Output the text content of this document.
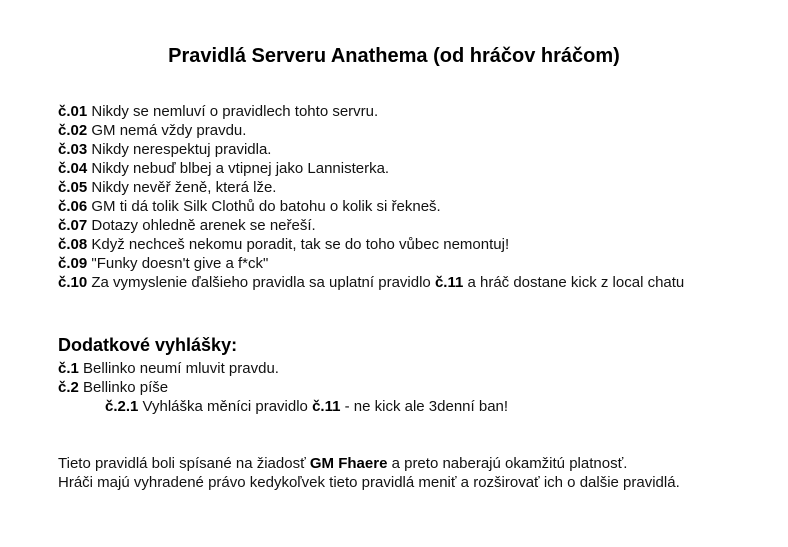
Pravidlá Serveru Anathema (od hráčov hráčom)
č.01 Nikdy se nemluví o pravidlech tohto servru.
č.02 GM nemá vždy pravdu.
č.03 Nikdy nerespektuj pravidla.
č.04 Nikdy nebuď blbej a vtipnej jako Lannisterka.
č.05 Nikdy nevěř ženě, která lže.
č.06 GM ti dá tolik Silk Clothů do batohu o kolik si řekneš.
č.07 Dotazy ohledně arenek se neřeší.
č.08 Když nechceš nekomu poradit, tak se do toho vůbec nemontuj!
č.09 "Funky doesn't give a f*ck"
č.10 Za vymyslenie ďalšieho pravidla sa uplatní pravidlo č.11 a hráč dostane kick z local chatu
Dodatkové vyhlášky:
č.1 Bellinko neumí mluvit pravdu.
č.2 Bellinko píše
č.2.1 Vyhláška měníci pravidlo č.11 - ne kick ale 3denní ban!
Tieto pravidlá boli spísané na žiadosť GM Fhaere a preto naberajú okamžitú platnosť.
Hráči majú vyhradené právo kedykoľvek tieto pravidlá meniť a rozširovať ich o dalšie pravidlá.
